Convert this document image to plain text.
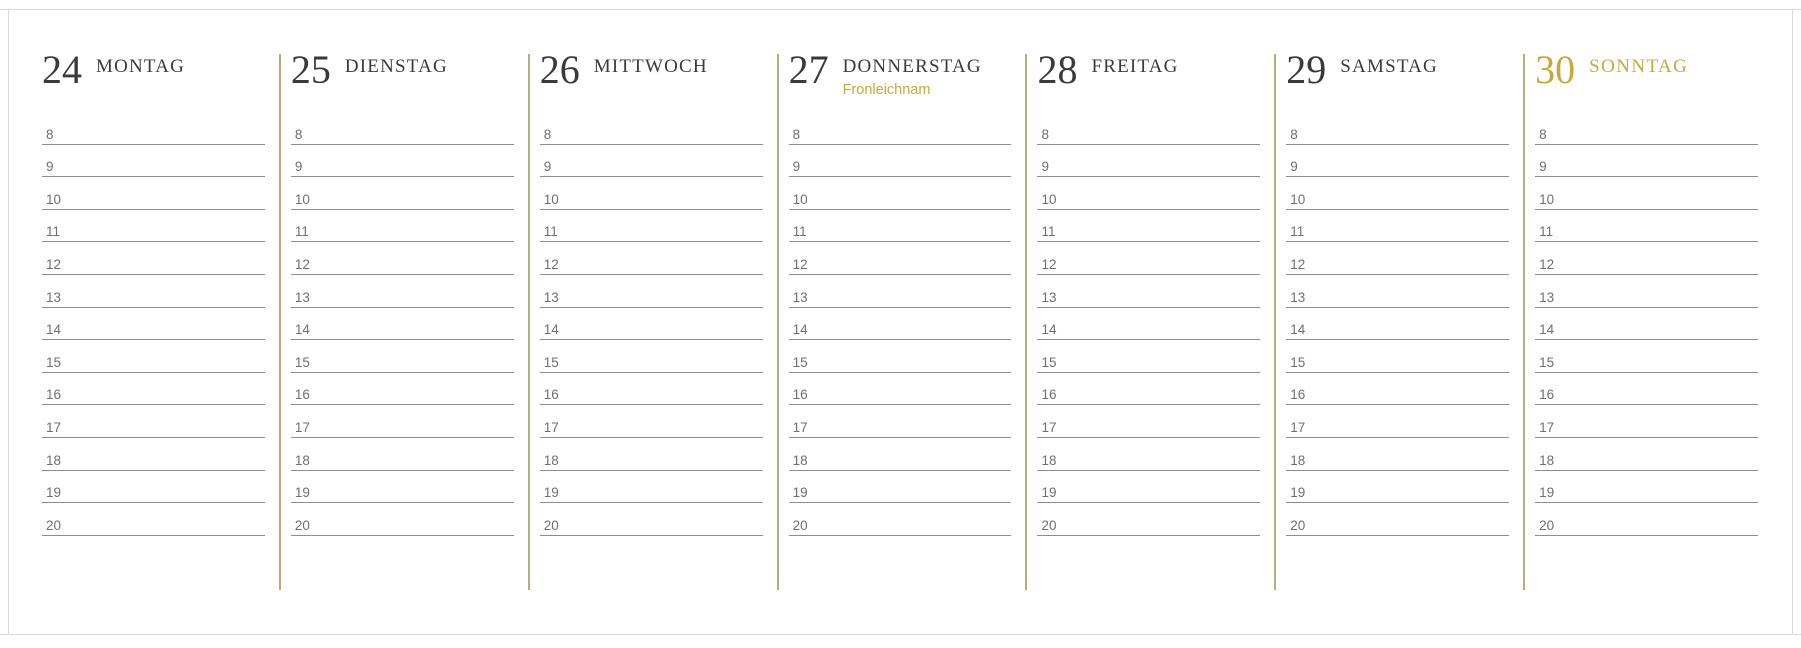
24 MONTAG
8
9
10
11
12
13
14
15
16
17
18
19
20
25 DIENSTAG
8
9
10
11
12
13
14
15
16
17
18
19
20
26 MITTWOCH
8
9
10
11
12
13
14
15
16
17
18
19
20
27 DONNERSTAG
Fronleichnam
8
9
10
11
12
13
14
15
16
17
18
19
20
28 FREITAG
8
9
10
11
12
13
14
15
16
17
18
19
20
29 SAMSTAG
8
9
10
11
12
13
14
15
16
17
18
19
20
30 SONNTAG
8
9
10
11
12
13
14
15
16
17
18
19
20
